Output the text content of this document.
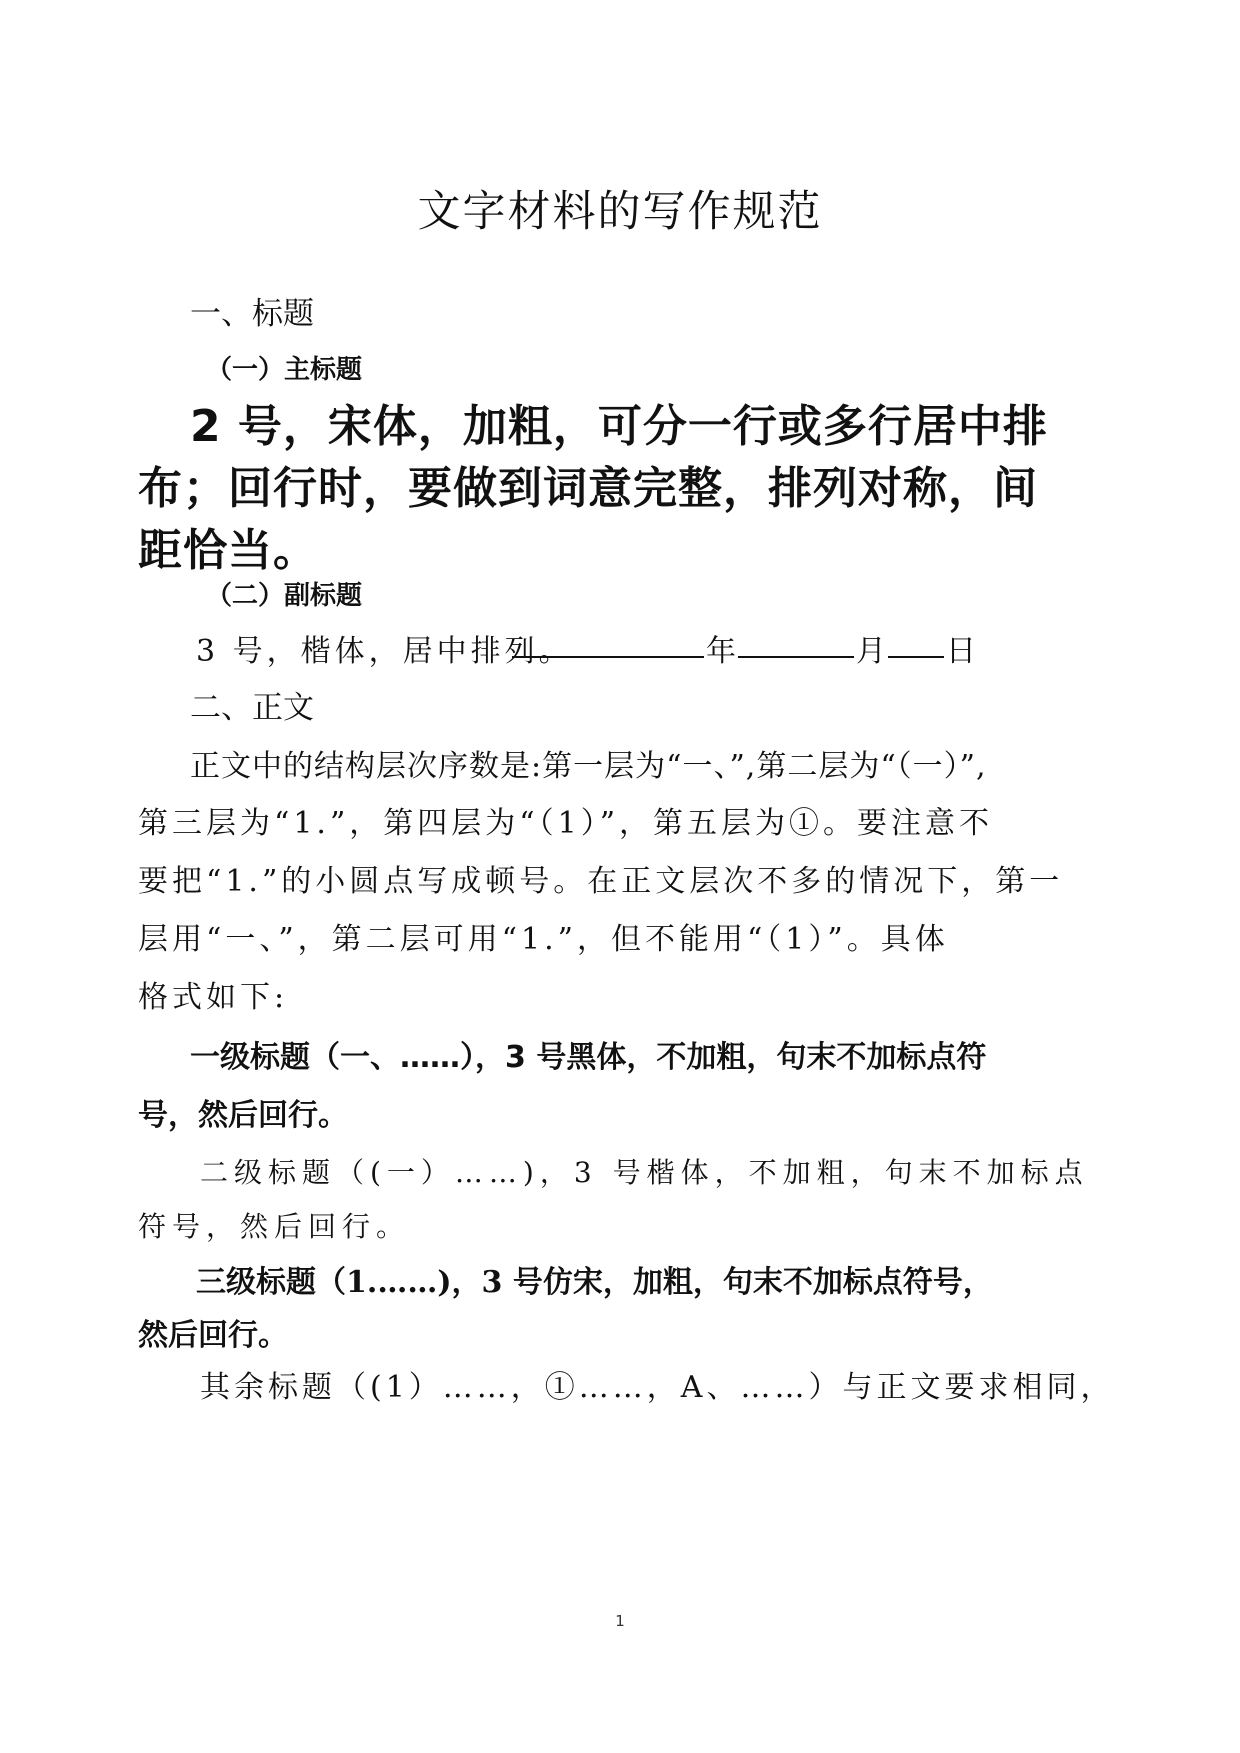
文字材料的写作规范
一、标题
（一）主标题
2 号，宋体，加粗，可分一行或多行居中排
布；回行时，要做到词意完整，排列对称，间
距恰当。
（二）副标题
3 号，楷体，居中排列。	年	月 日
二、正文
正文中的结构层次序数是:第一层为“一、”,第二层为“（一）”,
第三层为“1.”，第四层为“（1）”，第五层为①。要注意不
要把“1.”的小圆点写成顿号。在正文层次不多的情况下，第一
层用“一、”，第二层可用“1.”，但不能用“（1）”。具体
格式如下:
一级标题（一、……），3 号黑体，不加粗，句末不加标点符
号，然后回行。
二级标题（(一）……)，3 号楷体，不加粗，句末不加标点
符号，然后回行。
三级标题（1.……)，3 号仿宋，加粗，句末不加标点符号，
然后回行。
其余标题（(1）……，①……，A、……）与正文要求相同，
1
